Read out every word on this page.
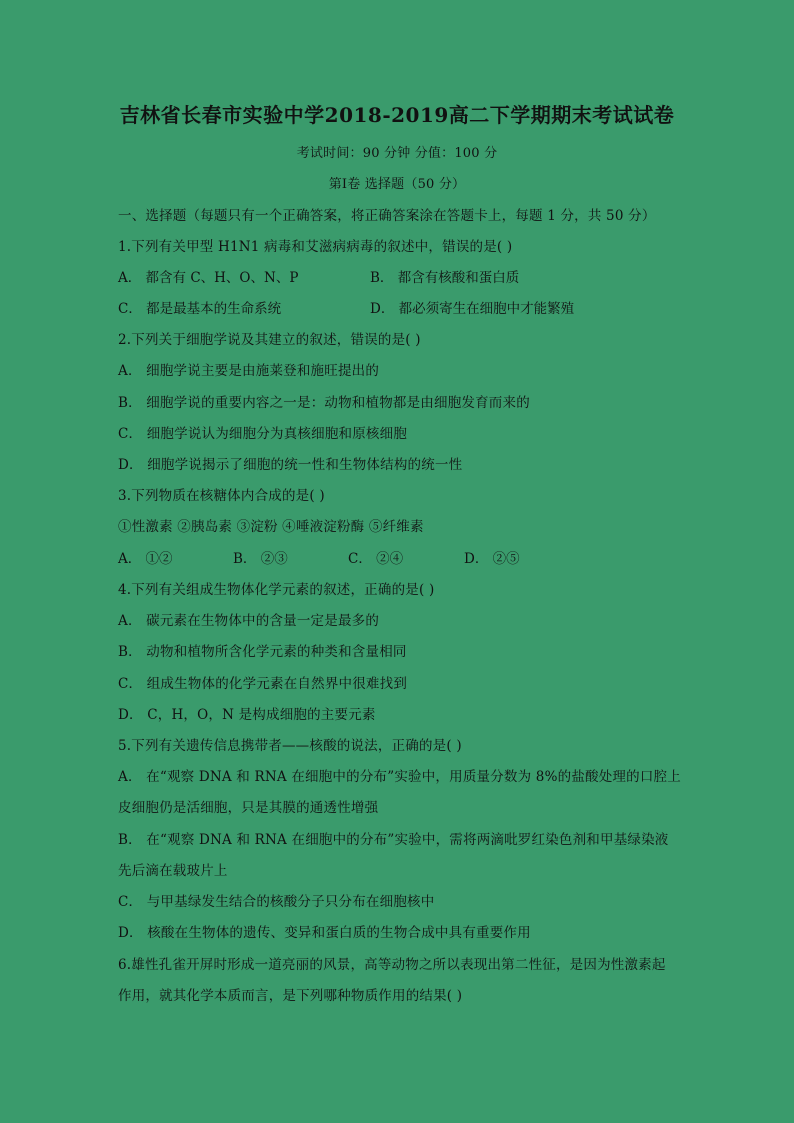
吉林省长春市实验中学2018-2019高二下学期期末考试试卷
考试时间：90 分钟 分值：100 分
第Ⅰ卷 选择题（50 分）
一、选择题（每题只有一个正确答案，将正确答案涂在答题卡上，每题 1 分，共 50 分）
1.下列有关甲型 H1N1 病毒和艾滋病病毒的叙述中，错误的是( )
A． 都含有 C、H、O、N、P	B． 都含有核酸和蛋白质
C． 都是最基本的生命系统	D． 都必须寄生在细胞中才能繁殖
2.下列关于细胞学说及其建立的叙述，错误的是( )
A． 细胞学说主要是由施莱登和施旺提出的
B． 细胞学说的重要内容之一是：动物和植物都是由细胞发育而来的
C． 细胞学说认为细胞分为真核细胞和原核细胞
D． 细胞学说揭示了细胞的统一性和生物体结构的统一性
3.下列物质在核糖体内合成的是( )
①性激素 ②胰岛素 ③淀粉 ④唾液淀粉酶 ⑤纤维素
A． ①②	B． ②③	C． ②④	D． ②⑤
4.下列有关组成生物体化学元素的叙述，正确的是( )
A． 碳元素在生物体中的含量一定是最多的
B． 动物和植物所含化学元素的种类和含量相同
C． 组成生物体的化学元素在自然界中很难找到
D． C，H，O，N 是构成细胞的主要元素
5.下列有关遗传信息携带者——核酸的说法，正确的是( )
A． 在“观察 DNA 和 RNA 在细胞中的分布”实验中，用质量分数为 8%的盐酸处理的口腔上
皮细胞仍是活细胞，只是其膜的通透性增强
B． 在“观察 DNA 和 RNA 在细胞中的分布”实验中，需将两滴吡罗红染色剂和甲基绿染液
先后滴在载玻片上
C． 与甲基绿发生结合的核酸分子只分布在细胞核中
D． 核酸在生物体的遗传、变异和蛋白质的生物合成中具有重要作用
6.雄性孔雀开屏时形成一道亮丽的风景，高等动物之所以表现出第二性征，是因为性激素起
作用，就其化学本质而言，是下列哪种物质作用的结果( )
